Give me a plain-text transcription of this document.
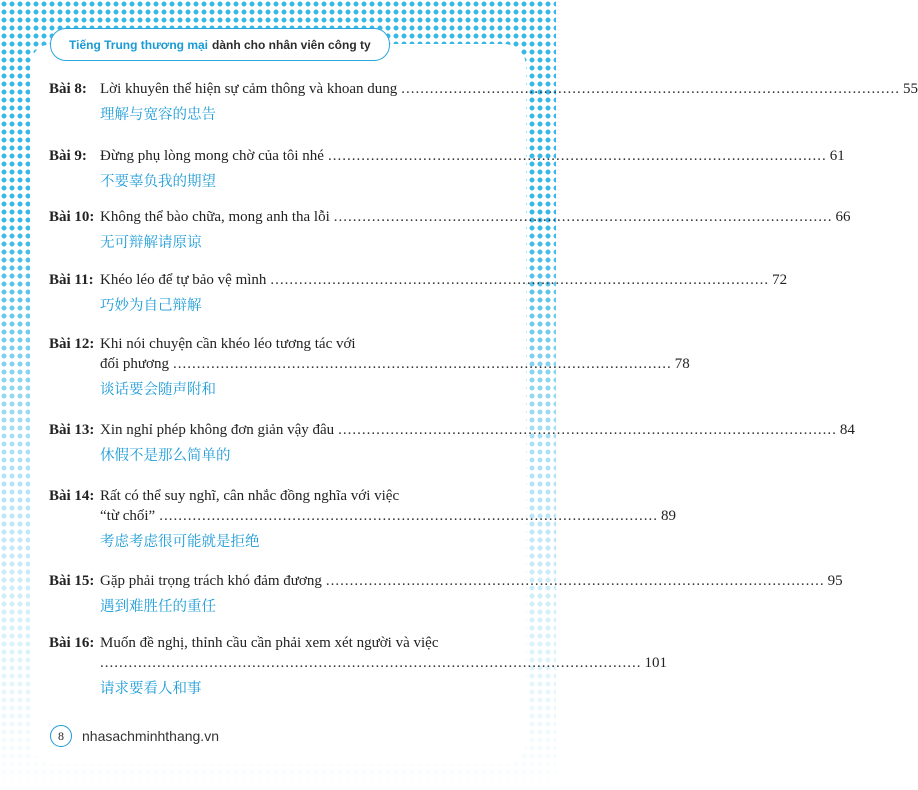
Tiếng Trung thương mại dành cho nhân viên công ty
Bài 8: Lời khuyên thể hiện sự cảm thông và khoan dung ......................................................................................................... 55
理解与宽容的忠告
Bài 9: Đừng phụ lòng mong chờ của tôi nhé ......................................................................................................... 61
不要辜负我的期望
Bài 10: Không thể bào chữa, mong anh tha lỗi ......................................................................................................... 66
无可辩解请原谅
Bài 11: Khéo léo để tự bảo vệ mình ......................................................................................................... 72
巧妙为自己辩解
Bài 12: Khi nói chuyện cần khéo léo tương tác với
đối phương ......................................................................................................... 78
谈话要会随声附和
Bài 13: Xin nghỉ phép không đơn giản vậy đâu ......................................................................................................... 84
休假不是那么简单的
Bài 14: Rất có thể suy nghĩ, cân nhắc đồng nghĩa với việc
“từ chối” ......................................................................................................... 89
考虑考虑很可能就是拒绝
Bài 15: Gặp phải trọng trách khó đảm đương ......................................................................................................... 95
遇到难胜任的重任
Bài 16: Muốn đề nghị, thỉnh cầu cần phải xem xét người và việc
.................................................................................................................. 101
请求要看人和事
8	nhasachminhthang.vn
